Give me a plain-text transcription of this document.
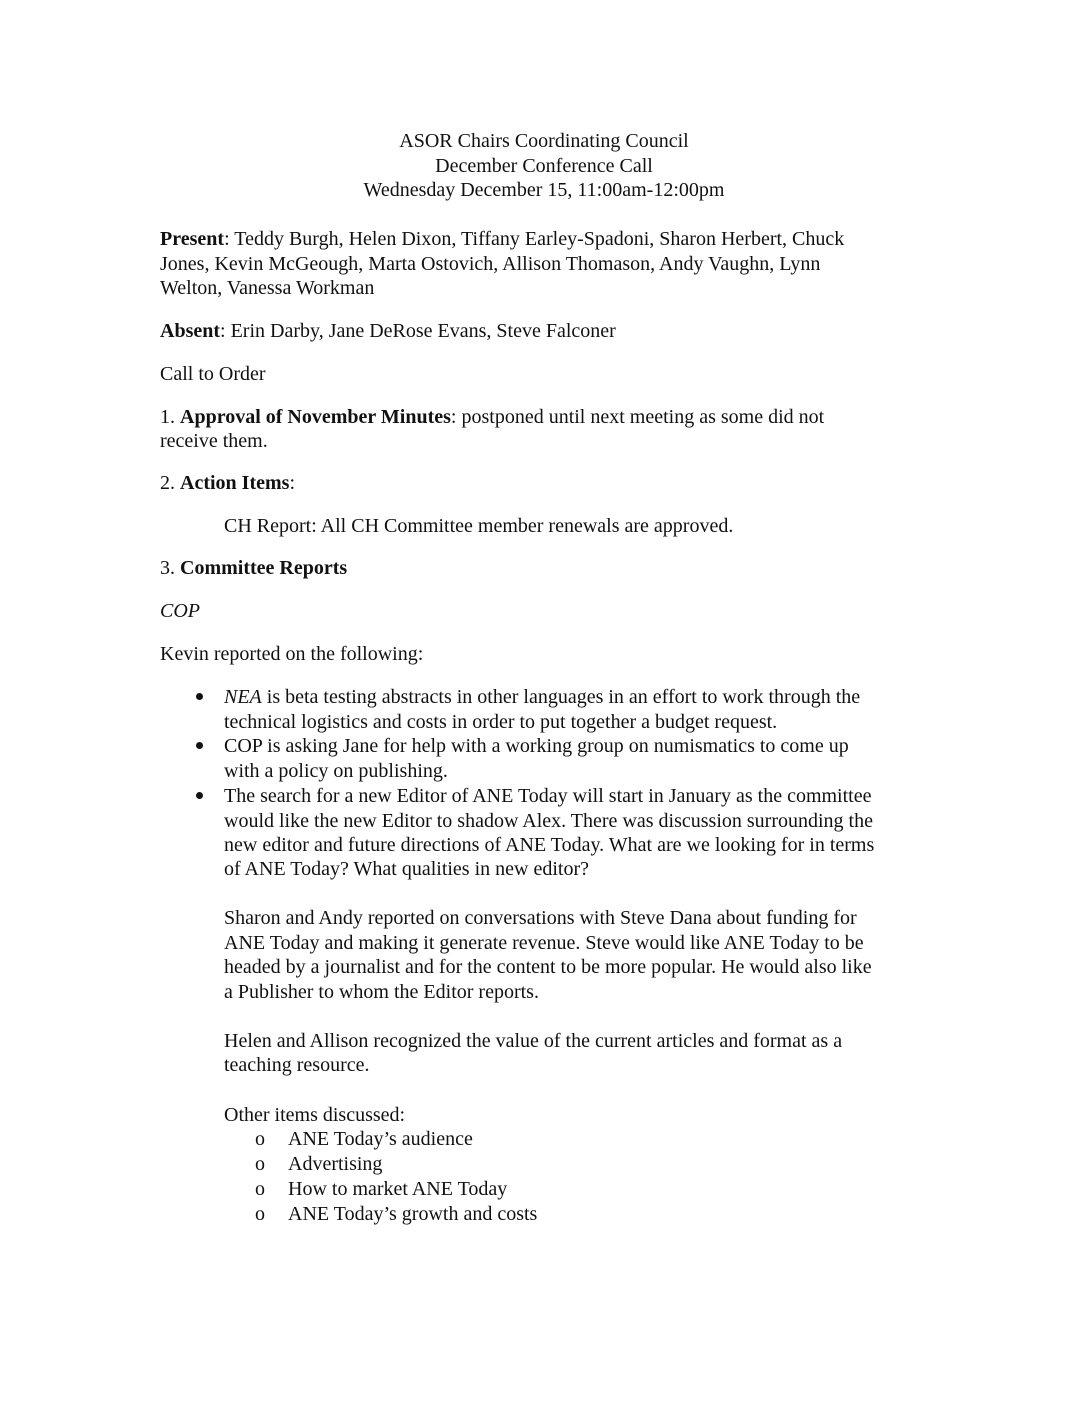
ASOR Chairs Coordinating Council
December Conference Call
Wednesday December 15, 11:00am-12:00pm
Present: Teddy Burgh, Helen Dixon, Tiffany Earley-Spadoni, Sharon Herbert, Chuck
Jones, Kevin McGeough, Marta Ostovich, Allison Thomason, Andy Vaughn, Lynn
Welton, Vanessa Workman
Absent: Erin Darby, Jane DeRose Evans, Steve Falconer
Call to Order
1. Approval of November Minutes: postponed until next meeting as some did not
receive them.
2. Action Items:
CH Report: All CH Committee member renewals are approved.
3. Committee Reports
COP
Kevin reported on the following:
NEA is beta testing abstracts in other languages in an effort to work through the
technical logistics and costs in order to put together a budget request.
COP is asking Jane for help with a working group on numismatics to come up
with a policy on publishing.
The search for a new Editor of ANE Today will start in January as the committee
would like the new Editor to shadow Alex. There was discussion surrounding the
new editor and future directions of ANE Today. What are we looking for in terms
of ANE Today? What qualities in new editor?
Sharon and Andy reported on conversations with Steve Dana about funding for
ANE Today and making it generate revenue. Steve would like ANE Today to be
headed by a journalist and for the content to be more popular. He would also like
a Publisher to whom the Editor reports.
Helen and Allison recognized the value of the current articles and format as a
teaching resource.
Other items discussed:
o ANE Today’s audience
o Advertising
o How to market ANE Today
o ANE Today’s growth and costs
